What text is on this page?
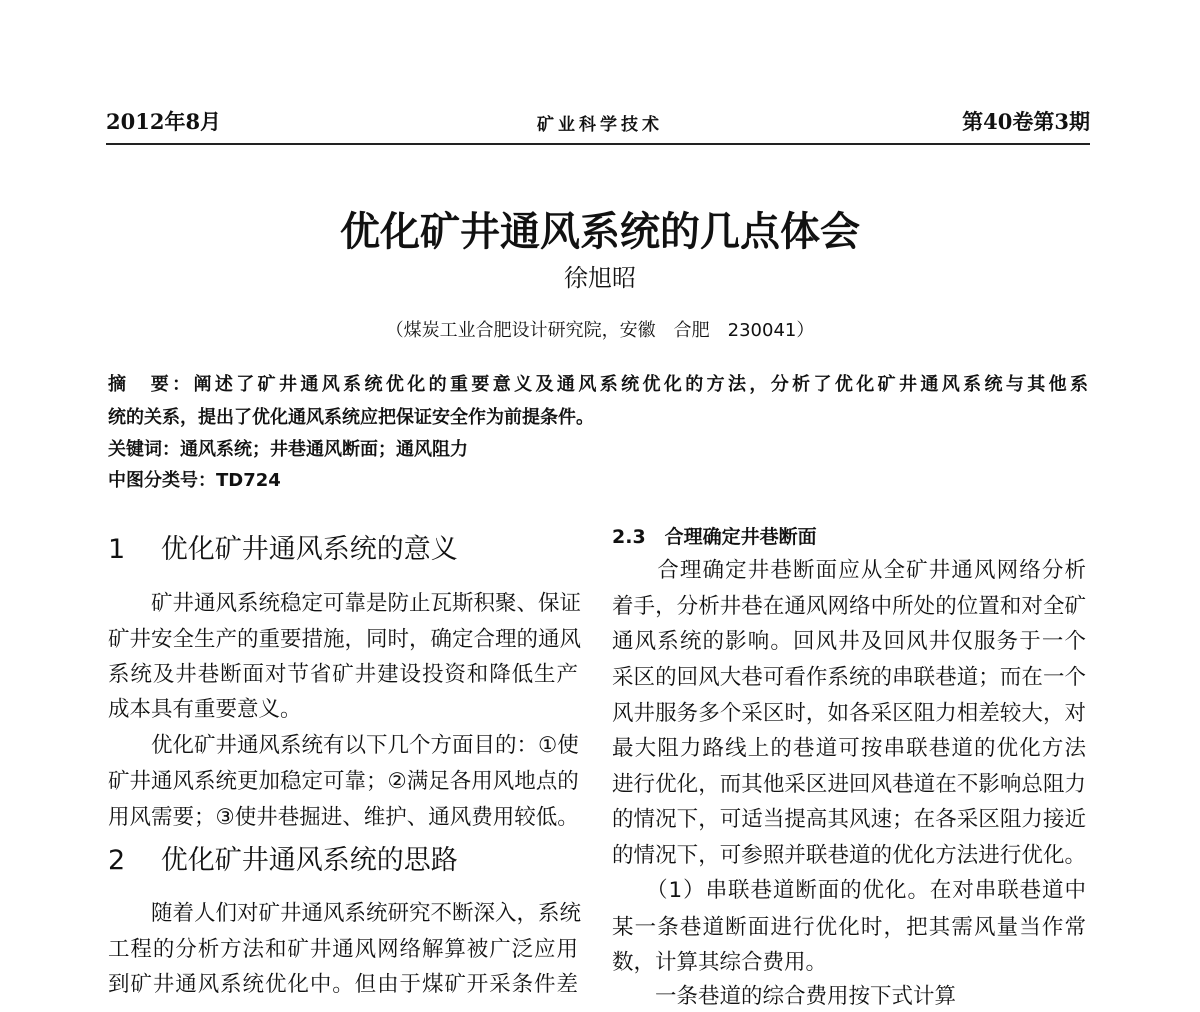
2012年8月	矿业科学技术	第40卷第3期
优化矿井通风系统的几点体会
徐旭昭
（煤炭工业合肥设计研究院，安徽　合肥　230041）
摘　要：阐述了矿井通风系统优化的重要意义及通风系统优化的方法，分析了优化矿井通风系统与其他系
统的关系，提出了优化通风系统应把保证安全作为前提条件。
关键词：通风系统；井巷通风断面；通风阻力
中图分类号：TD724
1　 优化矿井通风系统的意义
　　矿井通风系统稳定可靠是防止瓦斯积聚、保证
矿井安全生产的重要措施，同时，确定合理的通风
系统及井巷断面对节省矿井建设投资和降低生产
成本具有重要意义。
　　优化矿井通风系统有以下几个方面目的：①使
矿井通风系统更加稳定可靠；②满足各用风地点的
用风需要；③使井巷掘进、维护、通风费用较低。
2　 优化矿井通风系统的思路
　　随着人们对矿井通风系统研究不断深入，系统
工程的分析方法和矿井通风网络解算被广泛应用
到矿井通风系统优化中。但由于煤矿开采条件差
2.3　合理确定井巷断面
　　合理确定井巷断面应从全矿井通风网络分析
着手，分析井巷在通风网络中所处的位置和对全矿
通风系统的影响。回风井及回风井仅服务于一个
采区的回风大巷可看作系统的串联巷道；而在一个
风井服务多个采区时，如各采区阻力相差较大，对
最大阻力路线上的巷道可按串联巷道的优化方法
进行优化，而其他采区进回风巷道在不影响总阻力
的情况下，可适当提高其风速；在各采区阻力接近
的情况下，可参照并联巷道的优化方法进行优化。
　　（1）串联巷道断面的优化。在对串联巷道中
某一条巷道断面进行优化时，把其需风量当作常
数，计算其综合费用。
　　一条巷道的综合费用按下式计算
